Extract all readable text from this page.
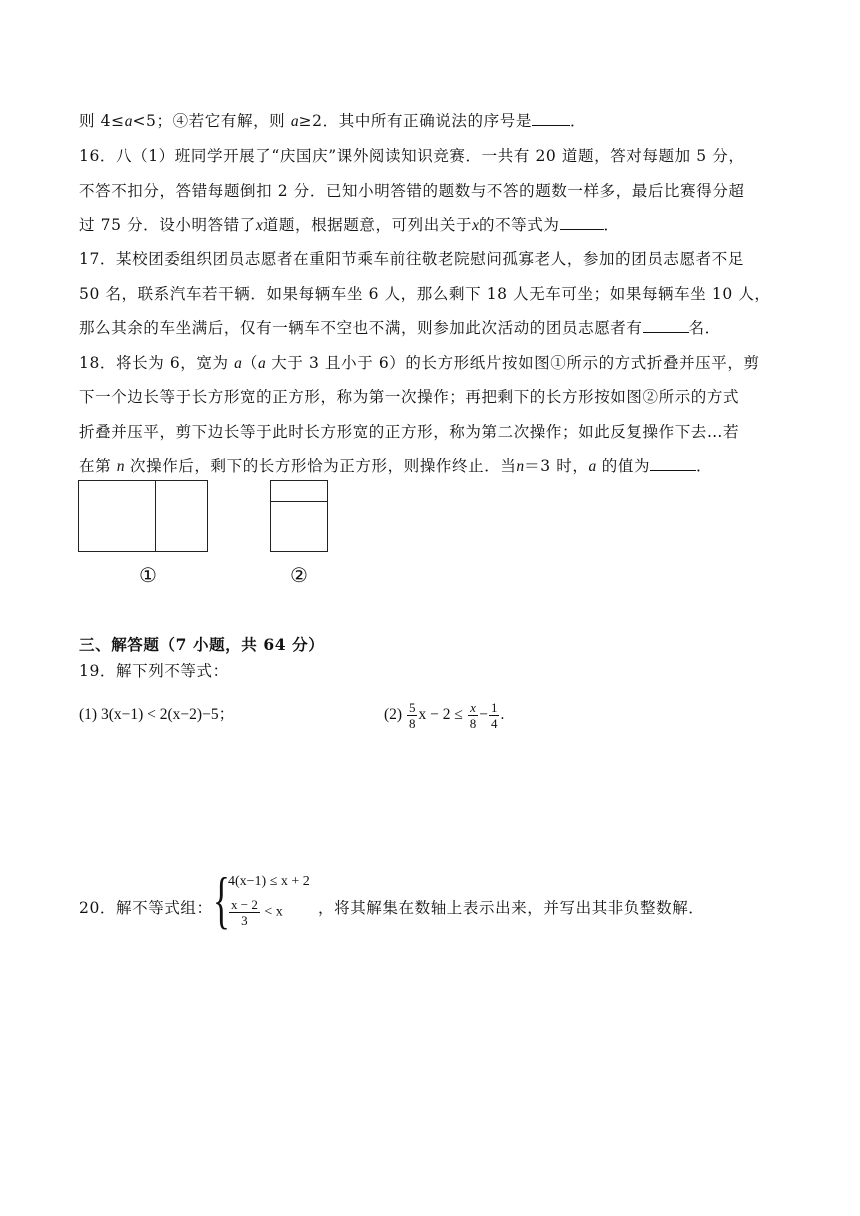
则 4≤a<5；④若它有解，则 a≥2．其中所有正确说法的序号是 ．
16．八（1）班同学开展了“庆国庆”课外阅读知识竞赛．一共有 20 道题，答对每题加 5 分，
不答不扣分，答错每题倒扣 2 分．已知小明答错的题数与不答的题数一样多，最后比赛得分超
过 75 分．设小明答错了x道题，根据题意，可列出关于x的不等式为	．
17．某校团委组织团员志愿者在重阳节乘车前往敬老院慰问孤寡老人，参加的团员志愿者不足
50 名，联系汽车若干辆．如果每辆车坐 6 人，那么剩下 18 人无车可坐；如果每辆车坐 10 人，
那么其余的车坐满后，仅有一辆车不空也不满，则参加此次活动的团员志愿者有	名．
18．将长为 6，宽为 a（a 大于 3 且小于 6）的长方形纸片按如图①所示的方式折叠并压平，剪
下一个边长等于长方形宽的正方形，称为第一次操作；再把剩下的长方形按如图②所示的方式
折叠并压平，剪下边长等于此时长方形宽的正方形，称为第二次操作；如此反复操作下去…若
在第 n 次操作后，剩下的长方形恰为正方形，则操作终止．当n＝3 时，a 的值为	．
①	②
三、解答题（7 小题，共 64 分）
19．解下列不等式：
(1) 3(x−1) < 2(x−2)−5；	$(2) \frac{5}{8}$ $x - 2 \le \frac{x}{8} - \frac{1}{4}$ .
20．解不等式组： {
4(x−1) ≤ x + 2
$\frac{x - 2}{3} < x$ ，将其解集在数轴上表示出来，并写出其非负整数解．
